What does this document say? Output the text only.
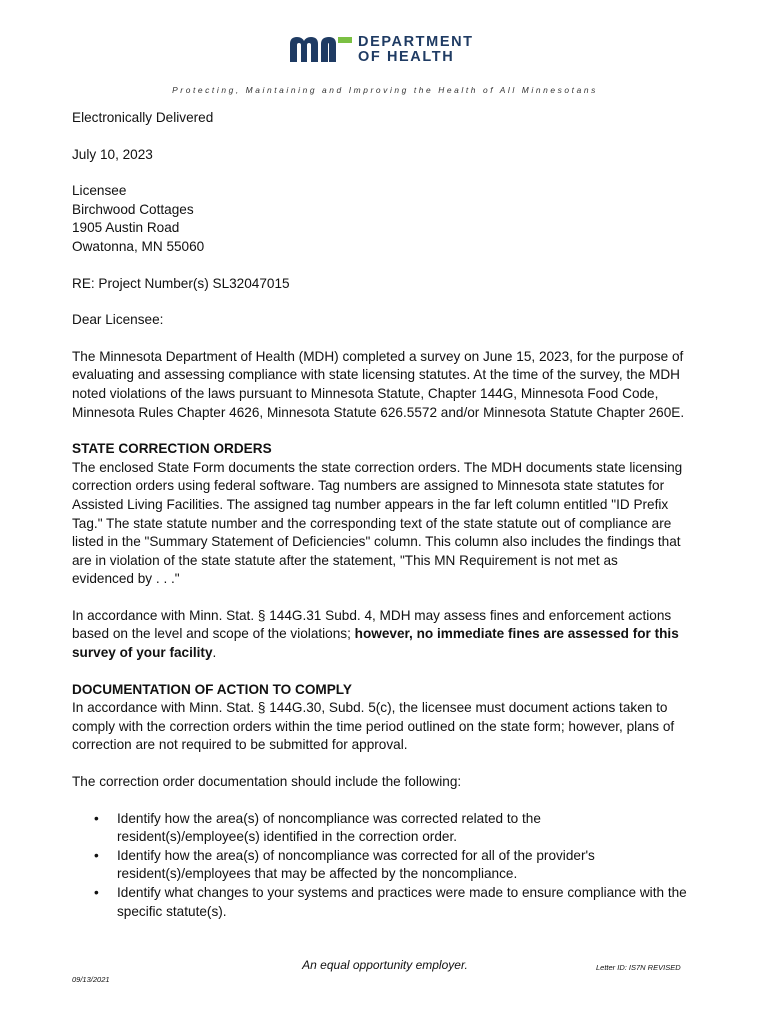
DEPARTMENT
OF HEALTH
Protecting, Maintaining and Improving the Health of All Minnesotans

Electronically Delivered

July 10, 2023

Licensee

Birchwood Cottages

1905 Austin Road

Owatonna, MN 55060

RE: Project Number(s) SL32047015

Dear Licensee:

The Minnesota Department of Health (MDH) completed a survey on June 15, 2023, for the purpose of

evaluating and assessing compliance with state licensing statutes. At the time of the survey, the MDH

noted violations of the laws pursuant to Minnesota Statute, Chapter 144G, Minnesota Food Code,

Minnesota Rules Chapter 4626, Minnesota Statute 626.5572 and/or Minnesota Statute Chapter 260E.

STATE CORRECTION ORDERS

The enclosed State Form documents the state correction orders. The MDH documents state licensing

correction orders using federal software. Tag numbers are assigned to Minnesota state statutes for

Assisted Living Facilities. The assigned tag number appears in the far left column entitled "ID Prefix

Tag." The state statute number and the corresponding text of the state statute out of compliance are

listed in the "Summary Statement of Deficiencies" column. This column also includes the findings that

are in violation of the state statute after the statement, "This MN Requirement is not met as

evidenced by . . ."

In accordance with Minn. Stat. § 144G.31 Subd. 4, MDH may assess fines and enforcement actions

based on the level and scope of the violations; however, no immediate fines are assessed for this

survey of your facility.

DOCUMENTATION OF ACTION TO COMPLY

In accordance with Minn. Stat. § 144G.30, Subd. 5(c), the licensee must document actions taken to

comply with the correction orders within the time period outlined on the state form; however, plans of

correction are not required to be submitted for approval.

The correction order documentation should include the following:

• Identify how the area(s) of noncompliance was corrected related to the

resident(s)/employee(s) identified in the correction order.

• Identify how the area(s) of noncompliance was corrected for all of the provider's

resident(s)/employees that may be affected by the noncompliance.

• Identify what changes to your systems and practices were made to ensure compliance with the

specific statute(s).

An equal opportunity employer.	Letter ID: IS7N REVISED
09/13/2021
